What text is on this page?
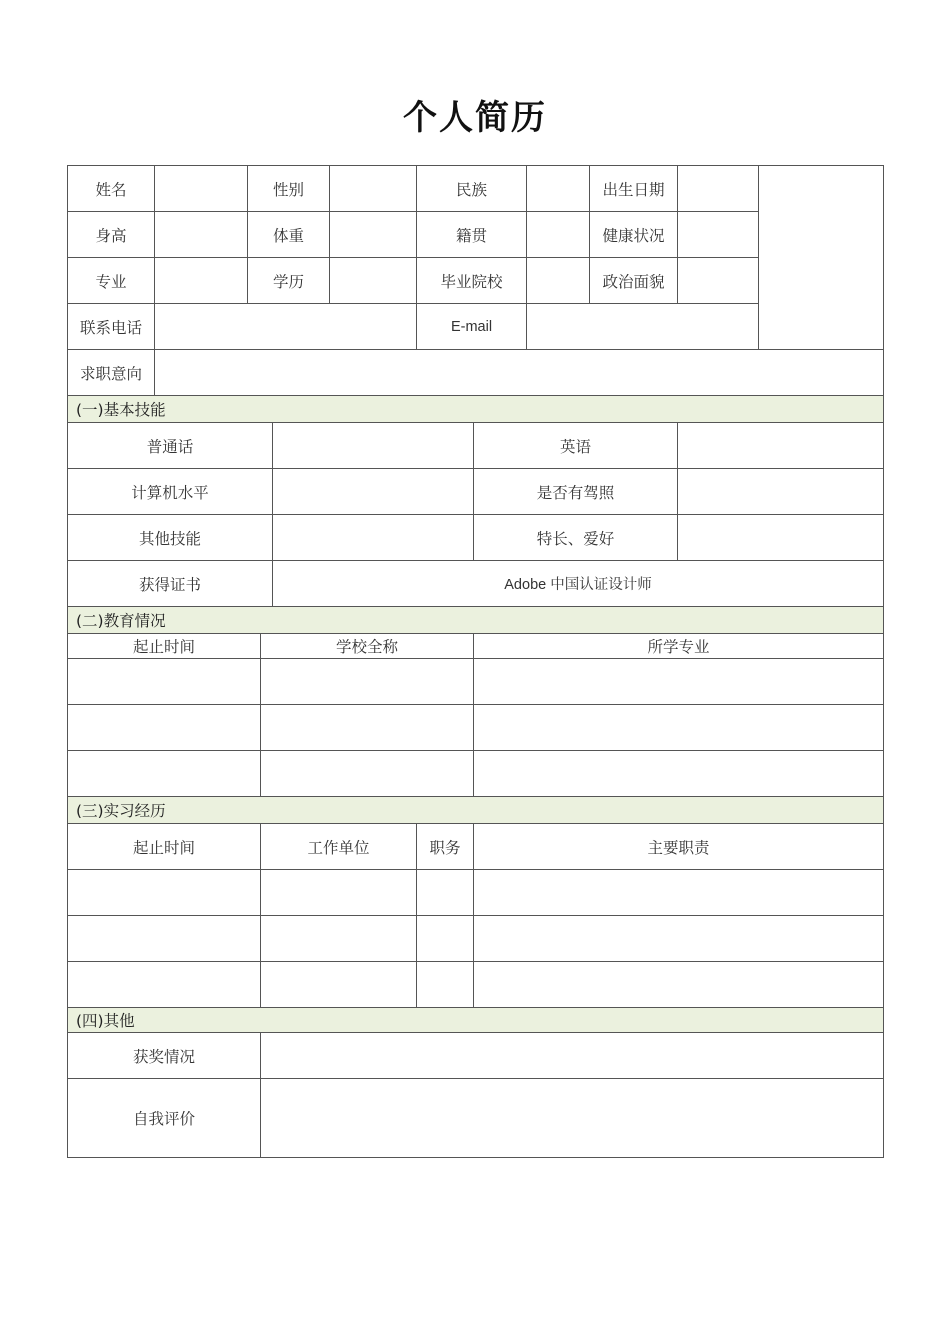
个人简历
姓名		性别				民族			出生日期		
身高		体重				籍贯			健康状况		
专业		学历				毕业院校			政治面貌		
联系电话						E-mail					
求职意向											
(一)基本技能											
普通话							英语				
计算机水平							是否有驾照				
其他技能							特长、爱好				
获得证书				Adobe 中国认证设计师							
(二)教育情况											
起止时间			学校全称				所学专业				

(三)实习经历											
起止时间			工作单位			职务	主要职责				

(四)其他											
获奖情况											
自我评价											
